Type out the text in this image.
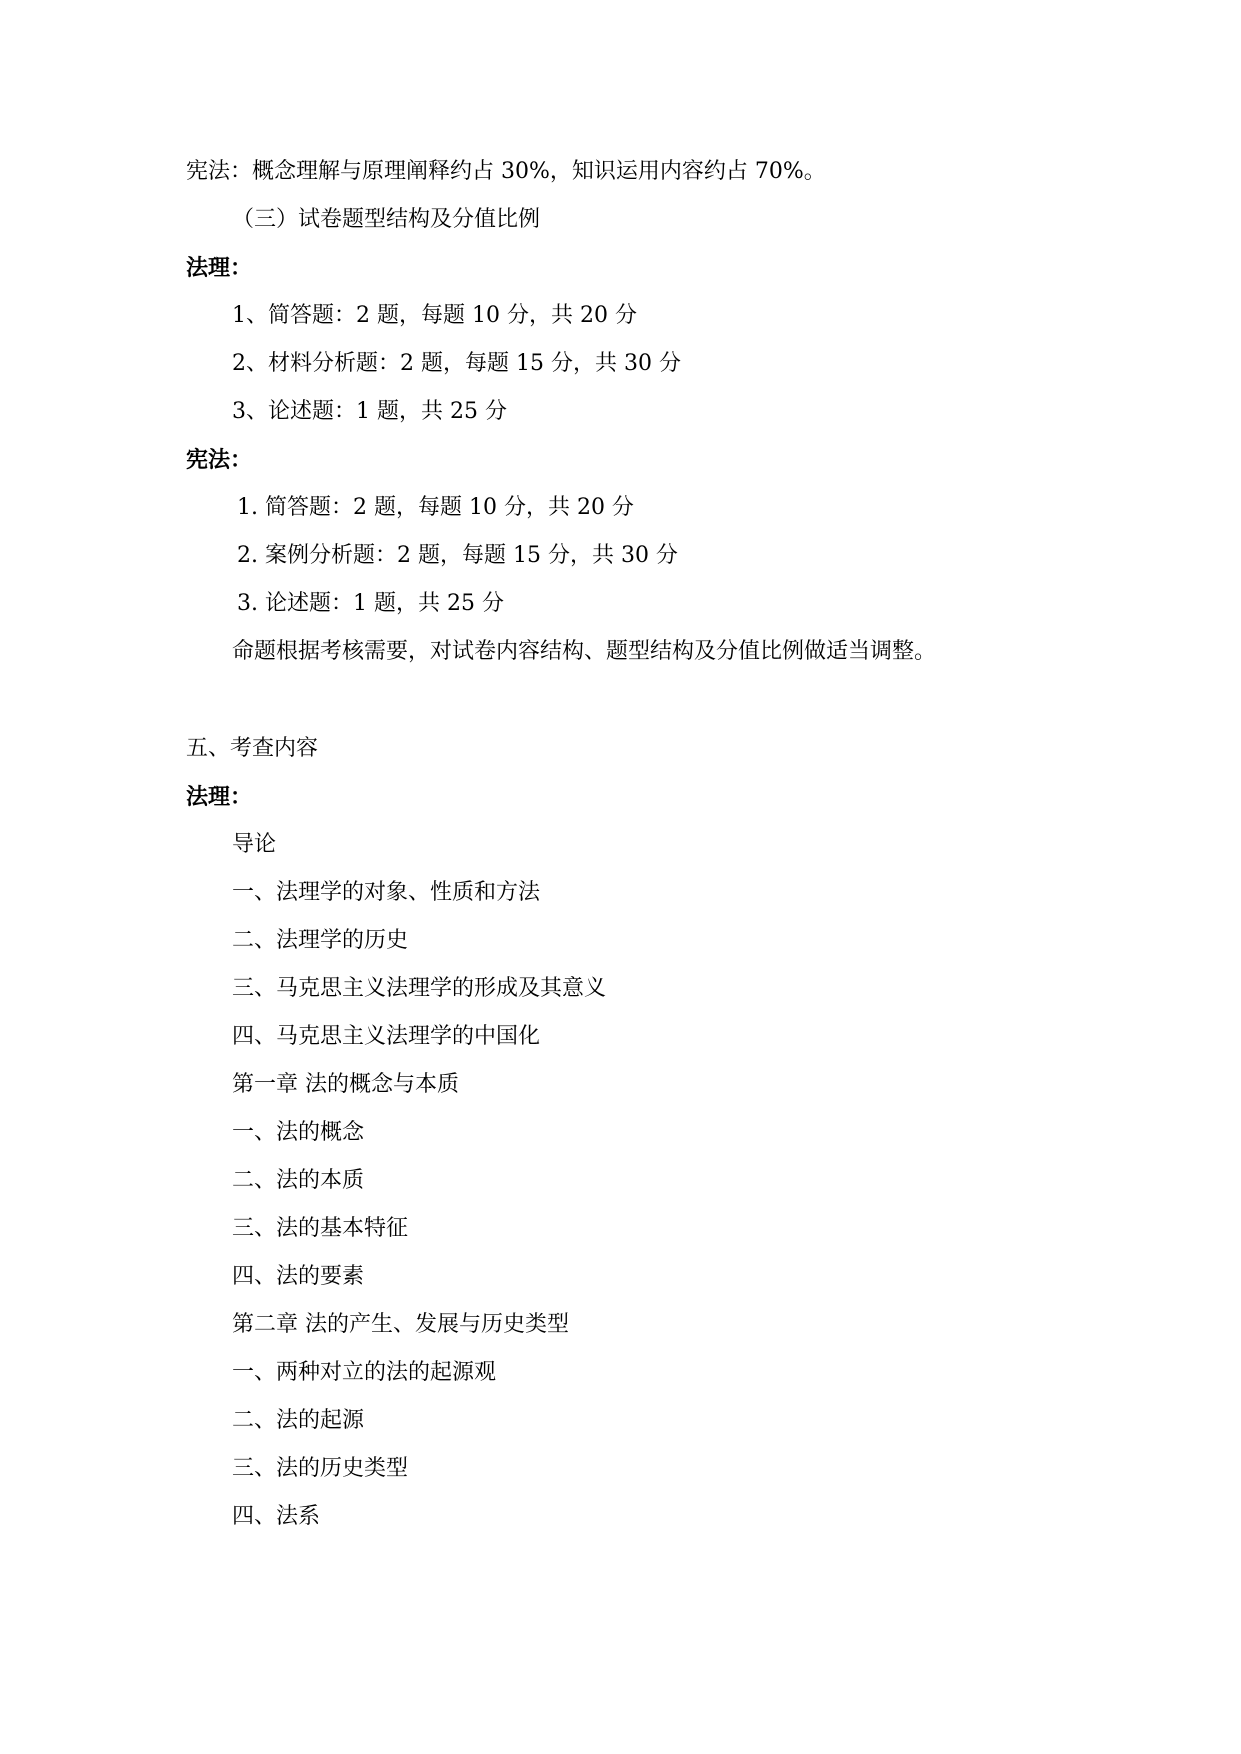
宪法：概念理解与原理阐释约占 30%，知识运用内容约占 70%。
（三）试卷题型结构及分值比例
法理：
1、简答题：2 题，每题 10 分，共 20 分
2、材料分析题：2 题，每题 15 分，共 30 分
3、论述题：1 题，共 25 分
宪法：
1. 简答题：2 题，每题 10 分，共 20 分
2. 案例分析题：2 题，每题 15 分，共 30 分
3. 论述题：1 题，共 25 分
命题根据考核需要，对试卷内容结构、题型结构及分值比例做适当调整。
五、考查内容
法理：
导论
一、法理学的对象、性质和方法
二、法理学的历史
三、马克思主义法理学的形成及其意义
四、马克思主义法理学的中国化
第一章 法的概念与本质
一、法的概念
二、法的本质
三、法的基本特征
四、法的要素
第二章 法的产生、发展与历史类型
一、两种对立的法的起源观
二、法的起源
三、法的历史类型
四、法系
